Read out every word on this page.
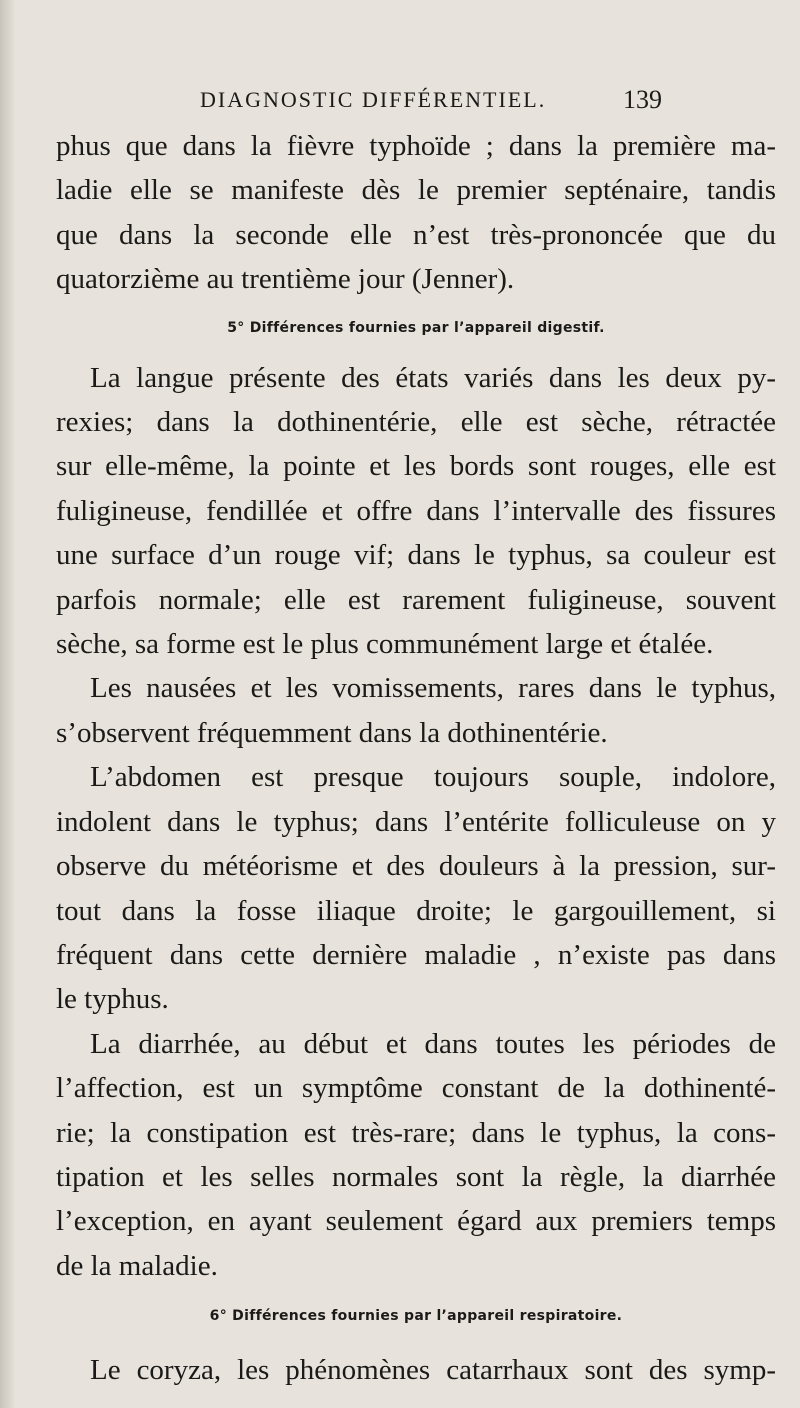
DIAGNOSTIC DIFFÉRENTIEL.	139
phus que dans la fièvre typhoïde ; dans la première ma-
ladie elle se manifeste dès le premier septénaire, tandis
que dans la seconde elle n’est très-prononcée que du
quatorzième au trentième jour (Jenner).
5° Différences fournies par l’appareil digestif.
La langue présente des états variés dans les deux py-
rexies; dans la dothinentérie, elle est sèche, rétractée
sur elle-même, la pointe et les bords sont rouges, elle est
fuligineuse, fendillée et offre dans l’intervalle des fissures
une surface d’un rouge vif; dans le typhus, sa couleur est
parfois normale; elle est rarement fuligineuse, souvent
sèche, sa forme est le plus communément large et étalée.
Les nausées et les vomissements, rares dans le typhus,
s’observent fréquemment dans la dothinentérie.
L’abdomen est presque toujours souple, indolore,
indolent dans le typhus; dans l’entérite folliculeuse on y
observe du météorisme et des douleurs à la pression, sur-
tout dans la fosse iliaque droite; le gargouillement, si
fréquent dans cette dernière maladie , n’existe pas dans
le typhus.
La diarrhée, au début et dans toutes les périodes de
l’affection, est un symptôme constant de la dothinenté-
rie; la constipation est très-rare; dans le typhus, la cons-
tipation et les selles normales sont la règle, la diarrhée
l’exception, en ayant seulement égard aux premiers temps
de la maladie.
6° Différences fournies par l’appareil respiratoire.
Le coryza, les phénomènes catarrhaux sont des symp-
